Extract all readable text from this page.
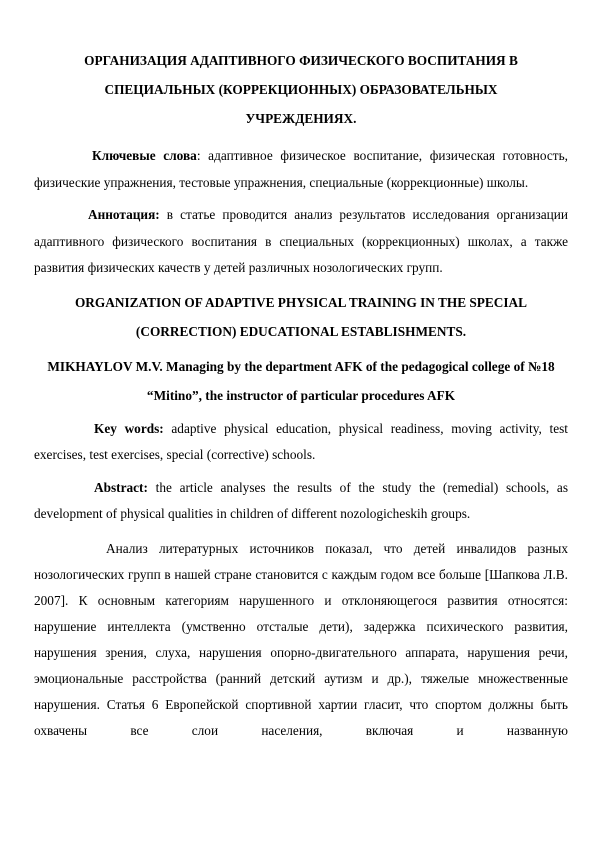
ОРГАНИЗАЦИЯ АДАПТИВНОГО ФИЗИЧЕСКОГО ВОСПИТАНИЯ В СПЕЦИАЛЬНЫХ (КОРРЕКЦИОННЫХ) ОБРАЗОВАТЕЛЬНЫХ УЧРЕЖДЕНИЯХ.

Ключевые слова: адаптивное физическое воспитание, физическая готовность, физические упражнения, тестовые упражнения, специальные (коррекционные) школы.

Аннотация: в статье проводится анализ результатов исследования организации адаптивного физического воспитания в специальных (коррекционных) школах, а также развития физических качеств у детей различных нозологических групп.

ORGANIZATION OF ADAPTIVE PHYSICAL TRAINING IN THE SPECIAL (CORRECTION) EDUCATIONAL ESTABLISHMENTS.
MIKHAYLOV M.V. Managing by the department AFK of the pedagogical college of №18 “Mitino”, the instructor of particular procedures AFK

Key words: adaptive physical education, physical readiness, moving activity, test exercises, test exercises, special (corrective) schools.

Abstract: the article analyses the results of the study the (remedial) schools, as development of physical qualities in children of different nozologicheskih groups.

Анализ литературных источников показал, что детей инвалидов разных нозологических групп в нашей стране становится с каждым годом все больше [Шапкова Л.В. 2007]. К основным категориям нарушенного и отклоняющегося развития относятся: нарушение интеллекта (умственно отсталые дети), задержка психического развития, нарушения зрения, слуха, нарушения опорно-двигательного аппарата, нарушения речи, эмоциональные расстройства (ранний детский аутизм и др.), тяжелые множественные нарушения. Статья 6 Европейской спортивной хартии гласит, что спортом должны быть охвачены все слои населения, включая и названную
